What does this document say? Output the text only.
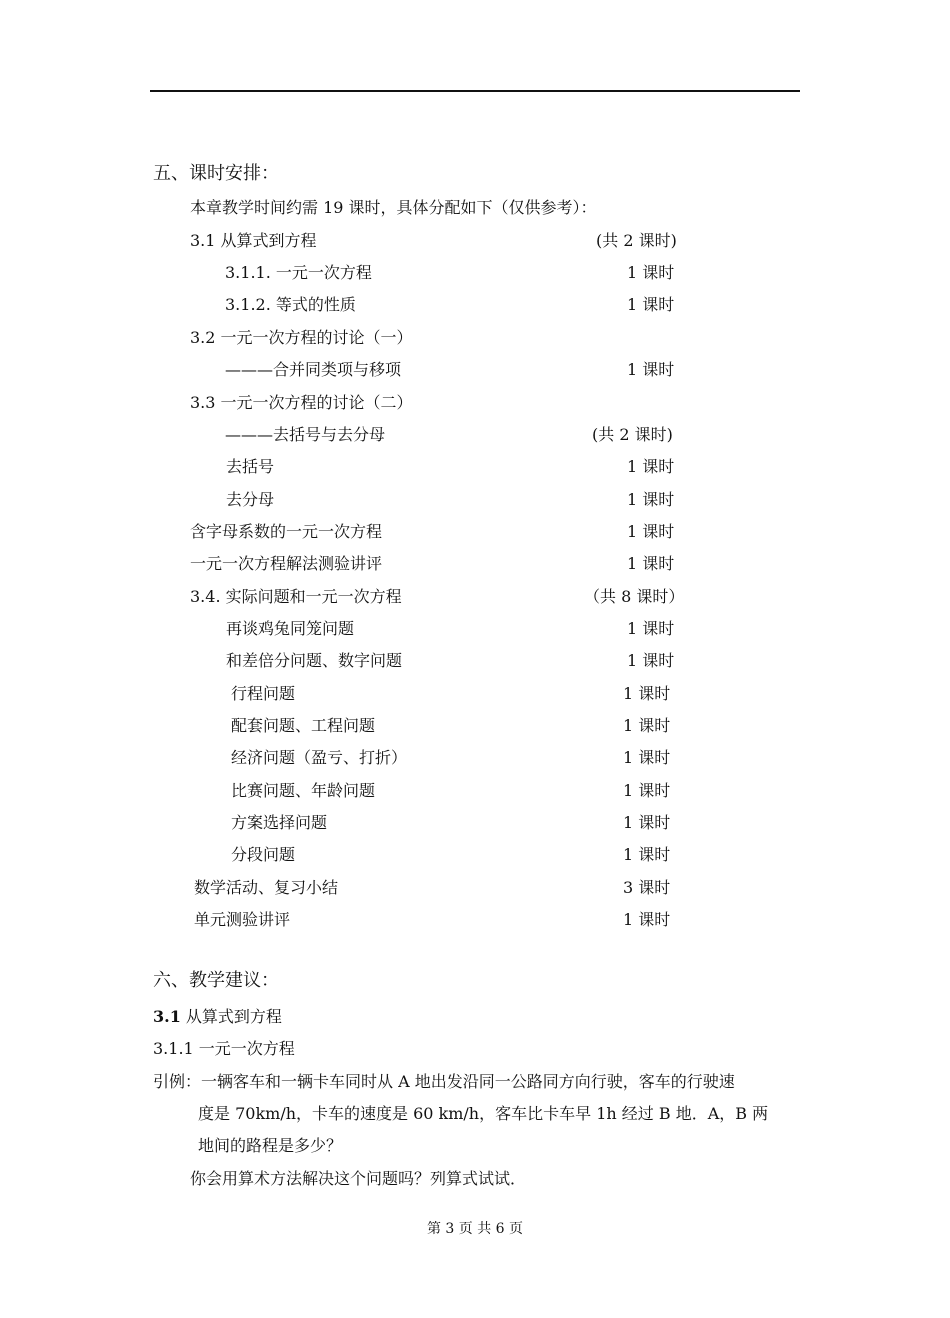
五、课时安排：
本章教学时间约需 19 课时，具体分配如下（仅供参考）：
3.1 从算式到方程	(共 2 课时)
3.1.1. 一元一次方程	1 课时
3.1.2. 等式的性质	1 课时
3.2 一元一次方程的讨论（一）
———合并同类项与移项	1 课时
3.3 一元一次方程的讨论（二）
———去括号与去分母	(共 2 课时)
去括号	1 课时
去分母	1 课时
含字母系数的一元一次方程	1 课时
一元一次方程解法测验讲评	1 课时
3.4. 实际问题和一元一次方程	（共 8 课时）
再谈鸡兔同笼问题	1 课时
和差倍分问题、数字问题	1 课时
行程问题	1 课时
配套问题、工程问题	1 课时
经济问题（盈亏、打折）	1 课时
比赛问题、年龄问题	1 课时
方案选择问题	1 课时
分段问题	1 课时
数学活动、复习小结	3 课时
单元测验讲评	1 课时
六、教学建议：
3.1 从算式到方程
3.1.1 一元一次方程
引例：一辆客车和一辆卡车同时从 A 地出发沿同一公路同方向行驶，客车的行驶速
度是 70km/h，卡车的速度是 60 km/h，客车比卡车早 1h 经过 B 地．A，B 两
地间的路程是多少？
你会用算术方法解决这个问题吗？列算式试试．
第 3 页 共 6 页
